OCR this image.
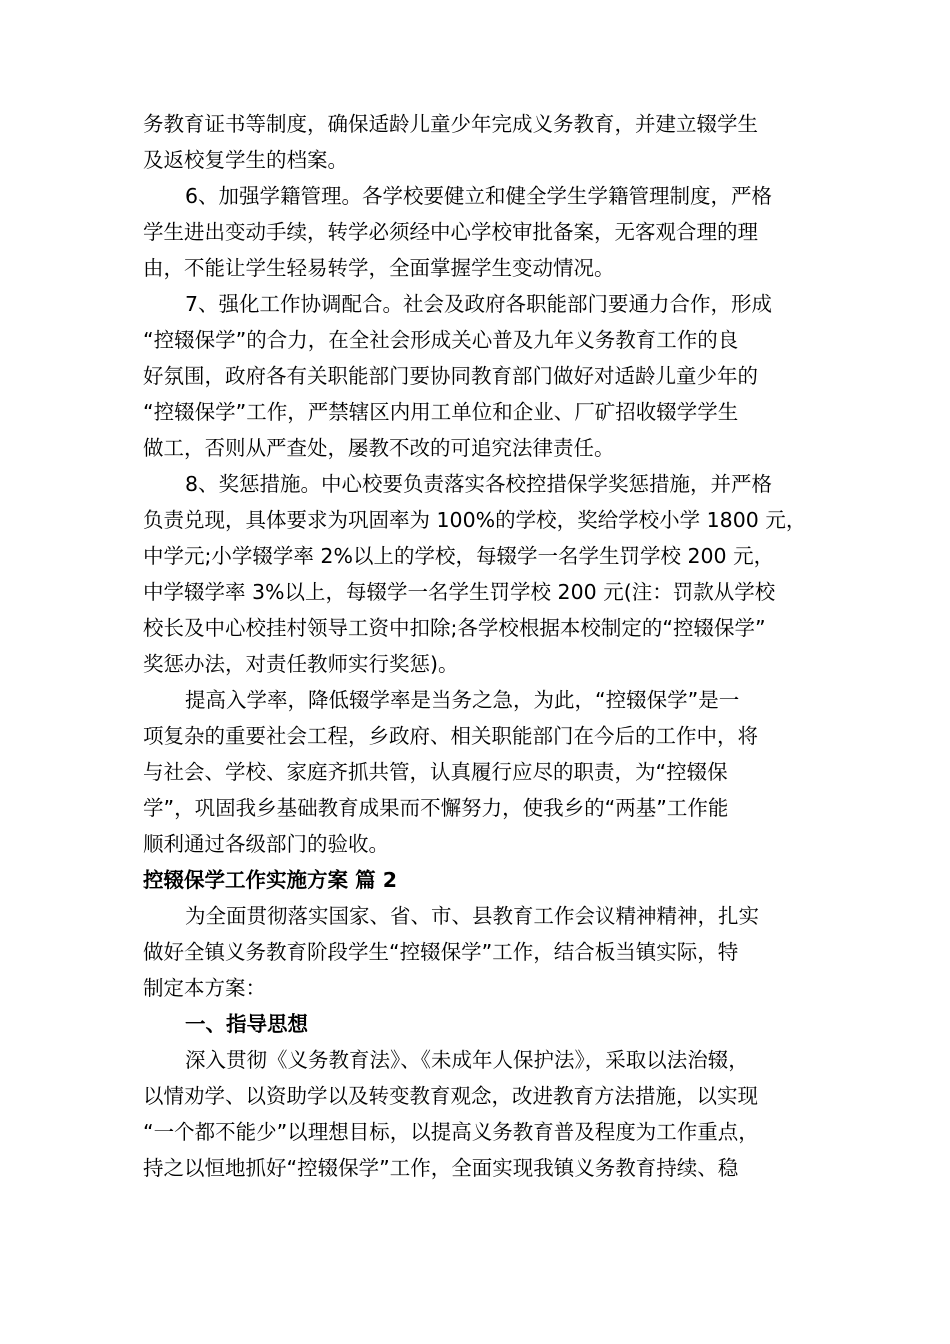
务教育证书等制度，确保适龄儿童少年完成义务教育，并建立辍学生
及返校复学生的档案。
6、加强学籍管理。各学校要健立和健全学生学籍管理制度，严格
学生进出变动手续，转学必须经中心学校审批备案，无客观合理的理
由，不能让学生轻易转学，全面掌握学生变动情况。
7、强化工作协调配合。社会及政府各职能部门要通力合作，形成
“控辍保学”的合力，在全社会形成关心普及九年义务教育工作的良
好氛围，政府各有关职能部门要协同教育部门做好对适龄儿童少年的
“控辍保学”工作，严禁辖区内用工单位和企业、厂矿招收辍学学生
做工，否则从严查处，屡教不改的可追究法律责任。
8、奖惩措施。中心校要负责落实各校控措保学奖惩措施，并严格
负责兑现，具体要求为巩固率为 100%的学校，奖给学校小学 1800 元，
中学元;小学辍学率 2%以上的学校，每辍学一名学生罚学校 200 元，
中学辍学率 3%以上，每辍学一名学生罚学校 200 元(注：罚款从学校
校长及中心校挂村领导工资中扣除;各学校根据本校制定的“控辍保学”
奖惩办法，对责任教师实行奖惩)。
提高入学率，降低辍学率是当务之急，为此，“控辍保学”是一
项复杂的重要社会工程，乡政府、相关职能部门在今后的工作中，将
与社会、学校、家庭齐抓共管，认真履行应尽的职责，为“控辍保
学”，巩固我乡基础教育成果而不懈努力，使我乡的“两基”工作能
顺利通过各级部门的验收。
控辍保学工作实施方案 篇 2
为全面贯彻落实国家、省、市、县教育工作会议精神精神，扎实
做好全镇义务教育阶段学生“控辍保学”工作，结合板当镇实际，特
制定本方案：
一、指导思想
深入贯彻《义务教育法》、《未成年人保护法》，采取以法治辍，
以情劝学、以资助学以及转变教育观念，改进教育方法措施，以实现
“一个都不能少”以理想目标，以提高义务教育普及程度为工作重点，
持之以恒地抓好“控辍保学”工作，全面实现我镇义务教育持续、稳
